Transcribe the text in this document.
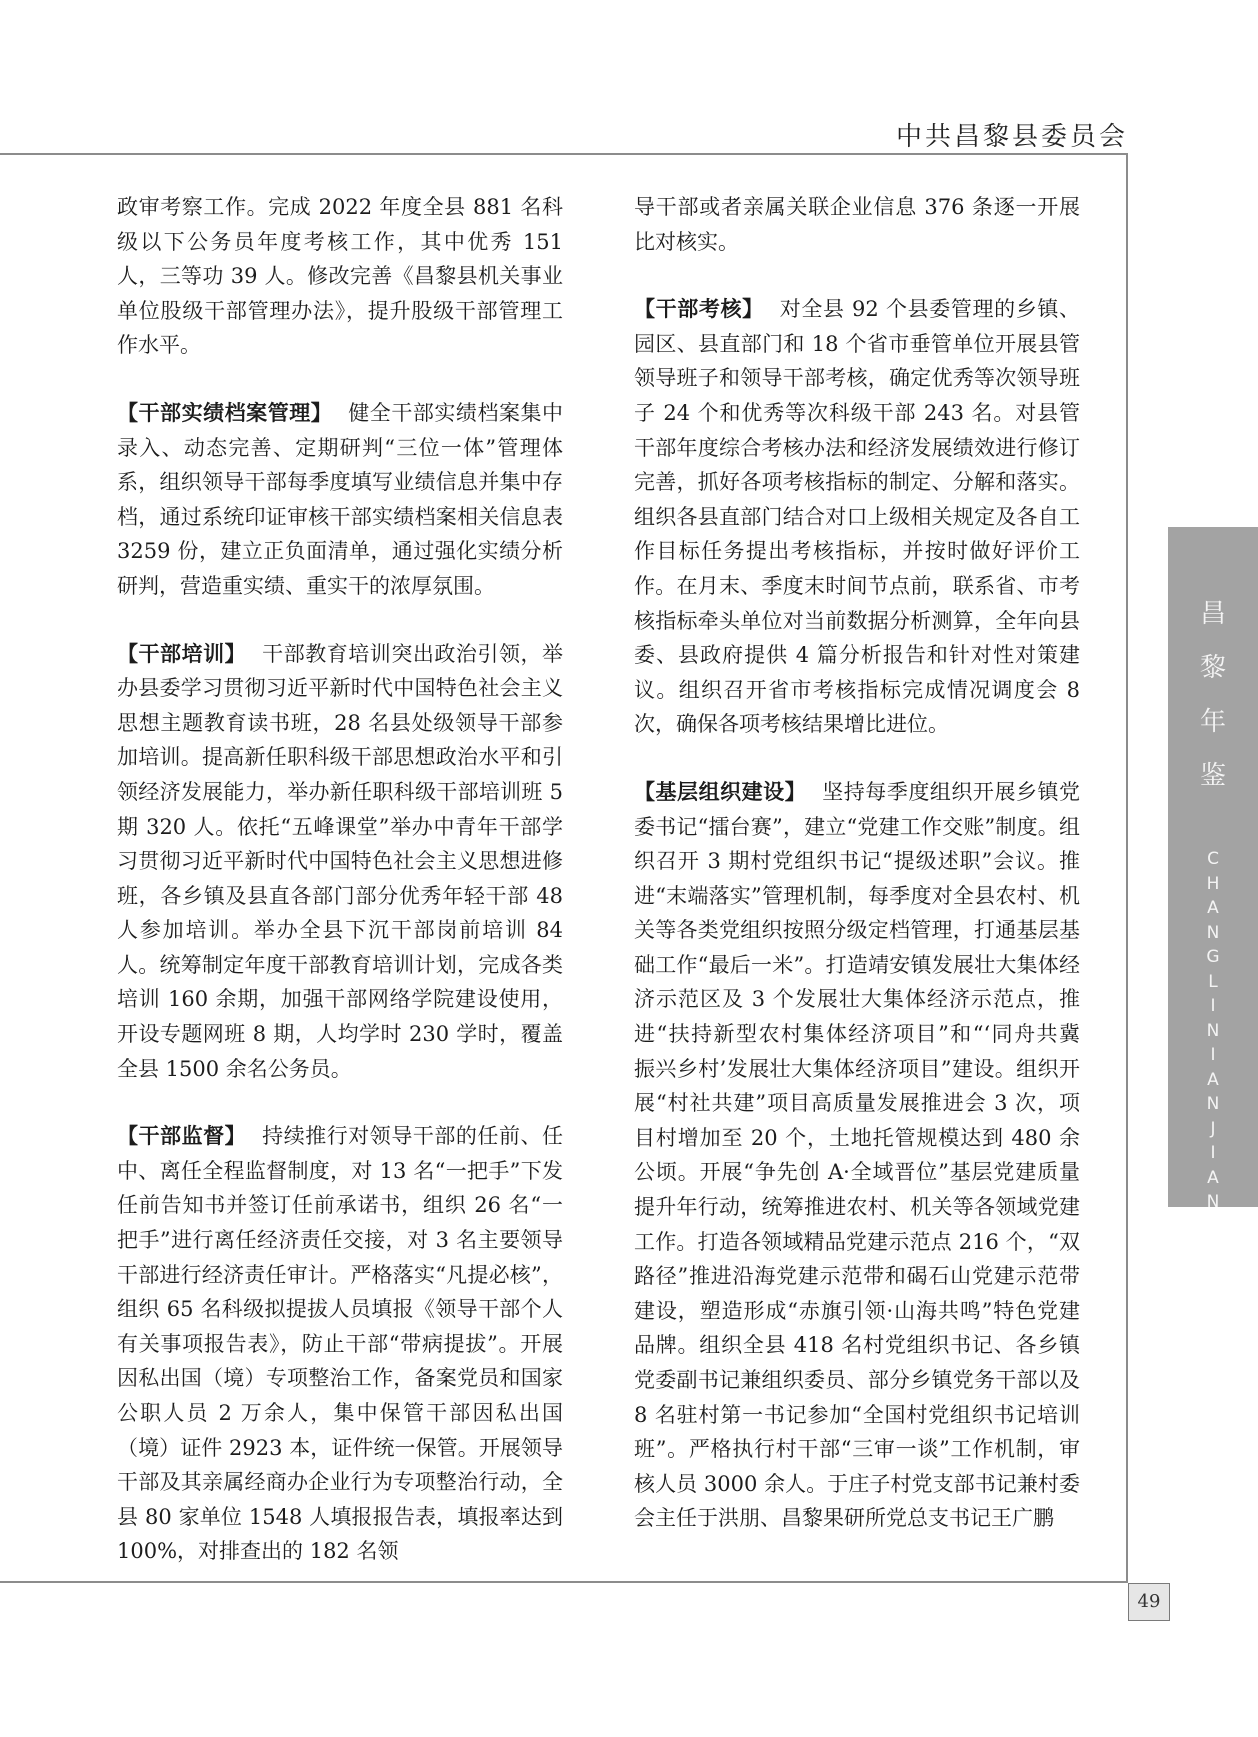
中共昌黎县委员会
49
昌
黎
年
鉴
C
H
A
N
G
L
I
N
I
A
N
J
I
A
N

政审考察工作。完成 2022 年度全县 881 名科级以下公务员年度考核工作，其中优秀 151 人，三等功 39 人。修改完善《昌黎县机关事业单位股级干部管理办法》，提升股级干部管理工作水平。

【 干部实绩档案管理 】 健全干部实绩档案集中录入、动态完善、定期研判“三位一体”管理体系，组织领导干部每季度填写业绩信息并集中存档，通过系统印证审核干部实绩档案相关信息表 3259 份，建立正负面清单，通过强化实绩分析研判，营造重实绩、重实干的浓厚氛围。

【 干部培训 】 干部教育培训突出政治引领，举办县委学习贯彻习近平新时代中国特色社会主义思想主题教育读书班，28 名县处级领导干部参加培训。提高新任职科级干部思想政治水平和引领经济发展能力，举办新任职科级干部培训班 5 期 320 人。依托“五峰课堂”举办中青年干部学习贯彻习近平新时代中国特色社会主义思想进修班，各乡镇及县直各部门部分优秀年轻干部 48 人参加培训。举办全县下沉干部岗前培训 84 人。统筹制定年度干部教育培训计划，完成各类培训 160 余期，加强干部网络学院建设使用，开设专题网班 8 期，人均学时 230 学时，覆盖全县 1500 余名公务员。

【 干部监督 】 持续推行对领导干部的任前、任中、离任全程监督制度，对 13 名“一把手”下发任前告知书并签订任前承诺书，组织 26 名“一把手”进行离任经济责任交接，对 3 名主要领导干部进行经济责任审计。严格落实“凡提必核”，组织 65 名科级拟提拔人员填报《领导干部个人有关事项报告表》，防止干部“带病提拔”。开展因私出国（境）专项整治工作，备案党员和国家公职人员 2 万余人，集中保管干部因私出国（境）证件 2923 本，证件统一保管。开展领导干部及其亲属经商办企业行为专项整治行动，全县 80 家单位 1548 人填报报告表，填报率达到 100%，对排查出的 182 名领

导干部或者亲属关联企业信息 376 条逐一开展比对核实。

【 干部考核 】 对全县 92 个县委管理的乡镇、园区、县直部门和 18 个省市垂管单位开展县管领导班子和领导干部考核，确定优秀等次领导班子 24 个和优秀等次科级干部 243 名。对县管干部年度综合考核办法和经济发展绩效进行修订完善，抓好各项考核指标的制定、分解和落实。组织各县直部门结合对口上级相关规定及各自工作目标任务提出考核指标，并按时做好评价工作。在月末、季度末时间节点前，联系省、市考核指标牵头单位对当前数据分析测算，全年向县委、县政府提供 4 篇分析报告和针对性对策建议。组织召开省市考核指标完成情况调度会 8 次，确保各项考核结果增比进位。

【 基层组织建设 】 坚持每季度组织开展乡镇党委书记“擂台赛”，建立“党建工作交账”制度。组织召开 3 期村党组织书记“提级述职”会议。推进“末端落实”管理机制，每季度对全县农村、机关等各类党组织按照分级定档管理，打通基层基础工作“最后一米”。打造靖安镇发展壮大集体经济示范区及 3 个发展壮大集体经济示范点，推进“扶持新型农村集体经济项目”和“‘同舟共冀　振兴乡村’发展壮大集体经济项目”建设。组织开展“村社共建”项目高质量发展推进会 3 次，项目村增加至 20 个，土地托管规模达到 480 余公顷。开展“争先创 A·全域晋位”基层党建质量提升年行动，统筹推进农村、机关等各领域党建工作。打造各领域精品党建示范点 216 个，“双路径”推进沿海党建示范带和碣石山党建示范带建设，塑造形成“赤旗引领·山海共鸣”特色党建品牌。组织全县 418 名村党组织书记、各乡镇党委副书记兼组织委员、部分乡镇党务干部以及 8 名驻村第一书记参加“全国村党组织书记培训班”。严格执行村干部“三审一谈”工作机制，审核人员 3000 余人。于庄子村党支部书记兼村委会主任于洪朋、昌黎果研所党总支书记王广鹏
